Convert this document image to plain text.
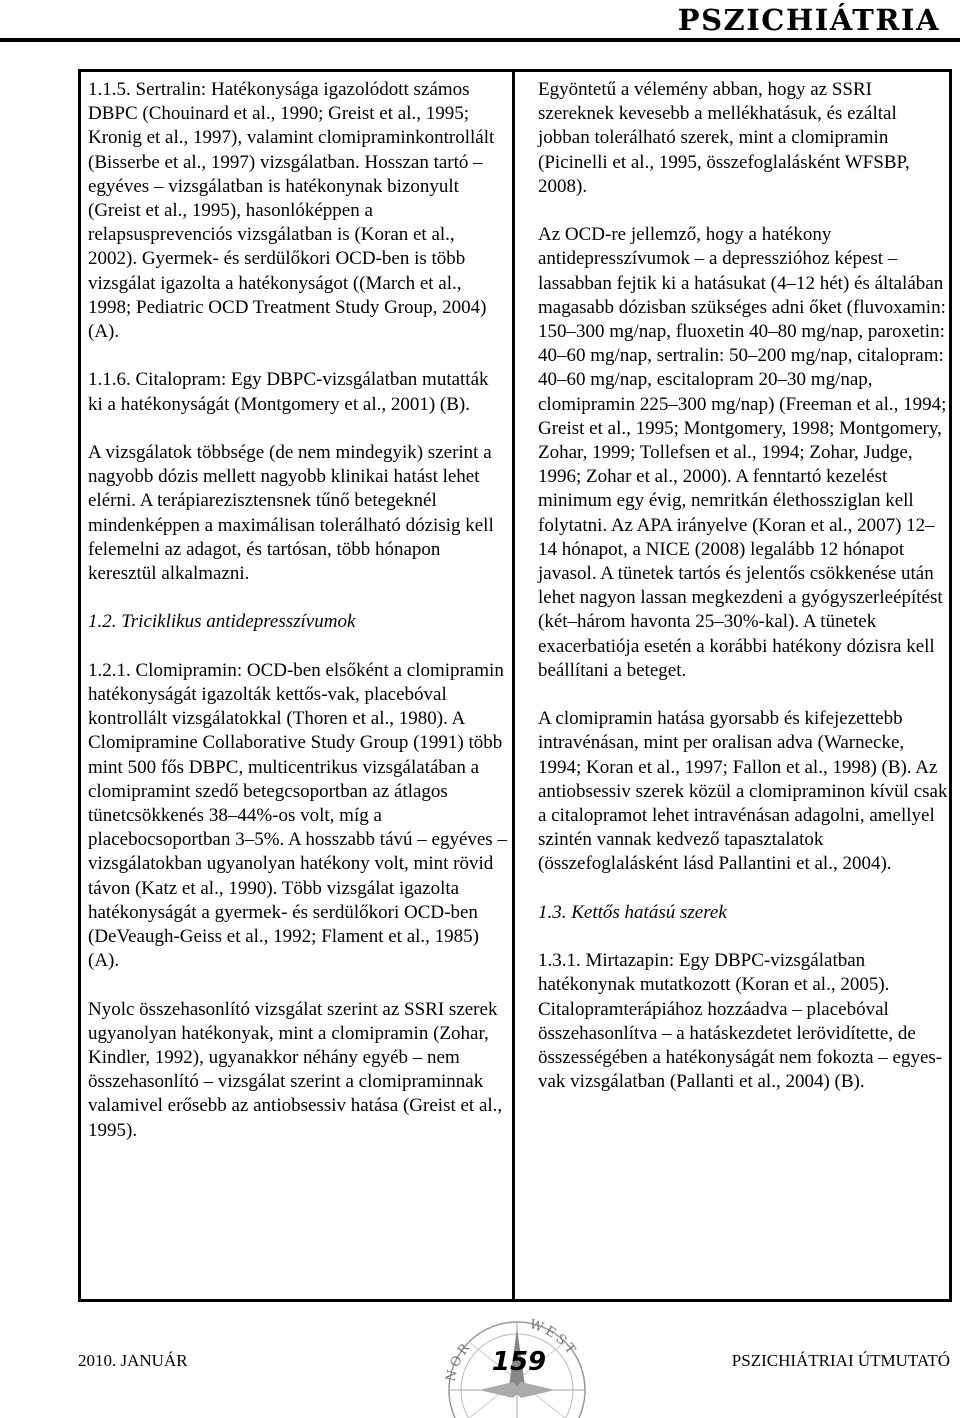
PSZICHIÁTRIA

1.1.5. Sertralin: Hatékonysága igazolódott számos DBPC (Chouinard et al., 1990; Greist et al., 1995; Kronig et al., 1997), valamint clomipraminkontrollált (Bisserbe et al., 1997) vizsgálatban. Hosszan tartó – egyéves – vizsgálatban is hatékonynak bizonyult (Greist et al., 1995), hasonlóképpen a relapsusprevenciós vizsgálatban is (Koran et al., 2002). Gyermek- és serdülőkori OCD-ben is több vizsgálat igazolta a hatékonyságot ((March et al., 1998; Pediatric OCD Treatment Study Group, 2004) (A).

1.1.6. Citalopram: Egy DBPC-vizsgálatban mutatták ki a hatékonyságát (Montgomery et al., 2001) (B).

A vizsgálatok többsége (de nem mindegyik) szerint a nagyobb dózis mellett nagyobb klinikai hatást lehet elérni. A terápiarezisztensnek tűnő betegeknél mindenképpen a maximálisan tolerálható dózisig kell felemelni az adagot, és tartósan, több hónapon keresztül alkalmazni.

1.2. Triciklikus antidepresszívumok

1.2.1. Clomipramin: OCD-ben elsőként a clomipramin hatékonyságát igazolták kettős-vak, placebóval kontrollált vizsgálatokkal (Thoren et al., 1980). A Clomipramine Collaborative Study Group (1991) több mint 500 fős DBPC, multicentrikus vizsgálatában a clomipramint szedő betegcsoportban az átlagos tünetcsökkenés 38–44%-os volt, míg a placebocsoportban 3–5%. A hosszabb távú – egyéves – vizsgálatokban ugyanolyan hatékony volt, mint rövid távon (Katz et al., 1990). Több vizsgálat igazolta hatékonyságát a gyermek- és serdülőkori OCD-ben (DeVeaugh-Geiss et al., 1992; Flament et al., 1985) (A).

Nyolc összehasonlító vizsgálat szerint az SSRI szerek ugyanolyan hatékonyak, mint a clomipramin (Zohar, Kindler, 1992), ugyanakkor néhány egyéb – nem összehasonlító – vizsgálat szerint a clomipraminnak valamivel erősebb az antiobsessiv hatása (Greist et al., 1995).

Egyöntetű a vélemény abban, hogy az SSRI szereknek kevesebb a mellékhatásuk, és ezáltal jobban tolerálható szerek, mint a clomipramin (Picinelli et al., 1995, összefoglalásként WFSBP, 2008).

Az OCD-re jellemző, hogy a hatékony antidepresszívumok – a depresszióhoz képest – lassabban fejtik ki a hatásukat (4–12 hét) és általában magasabb dózisban szükséges adni őket (fluvoxamin: 150–300 mg/nap, fluoxetin 40–80 mg/nap, paroxetin: 40–60 mg/nap, sertralin: 50–200 mg/nap, citalopram: 40–60 mg/nap, escitalopram 20–30 mg/nap, clomipramin 225–300 mg/nap) (Freeman et al., 1994; Greist et al., 1995; Montgomery, 1998; Montgomery, Zohar, 1999; Tollefsen et al., 1994; Zohar, Judge, 1996; Zohar et al., 2000). A fenntartó kezelést minimum egy évig, nemritkán élethossziglan kell folytatni. Az APA irányelve (Koran et al., 2007) 12–14 hónapot, a NICE (2008) legalább 12 hónapot javasol. A tünetek tartós és jelentős csökkenése után lehet nagyon lassan megkezdeni a gyógyszerleépítést (két–három havonta 25–30%-kal). A tünetek exacerbatiója esetén a korábbi hatékony dózisra kell beállítani a beteget.

A clomipramin hatása gyorsabb és kifejezettebb intravénásan, mint per oralisan adva (Warnecke, 1994; Koran et al., 1997; Fallon et al., 1998) (B). Az antiobsessiv szerek közül a clomipraminon kívül csak a citalopramot lehet intravénásan adagolni, amellyel szintén vannak kedvező tapasztalatok (összefoglalásként lásd Pallantini et al., 2004).

1.3. Kettős hatású szerek

1.3.1. Mirtazapin: Egy DBPC-vizsgálatban hatékonynak mutatkozott (Koran et al., 2005). Citalopramterápiához hozzáadva – placebóval összehasonlítva – a hatáskezdetet lerövidítette, de összességében a hatékonyságát nem fokozta – egyes-vak vizsgálatban (Pallanti et al., 2004) (B).

WEST
NOR
2010. JANUÁR	159	PSZICHIÁTRIAI ÚTMUTATÓ
